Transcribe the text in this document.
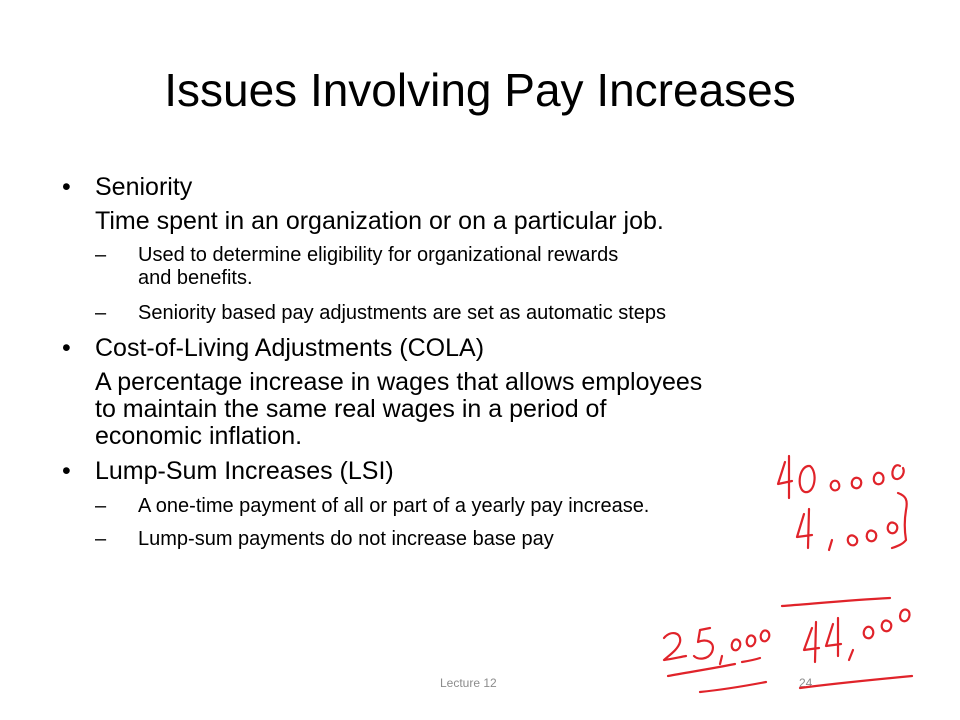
Issues Involving Pay Increases
• Seniority
Time spent in an organization or on a particular job.
– Used to determine eligibility for organizational rewards
and benefits.
– Seniority based pay adjustments are set as automatic steps
• Cost-of-Living Adjustments (COLA)
A percentage increase in wages that allows employees
to maintain the same real wages in a period of
economic inflation.
• Lump-Sum Increases (LSI)
– A one-time payment of all or part of a yearly pay increase.
– Lump-sum payments do not increase base pay
Lecture 12	24
